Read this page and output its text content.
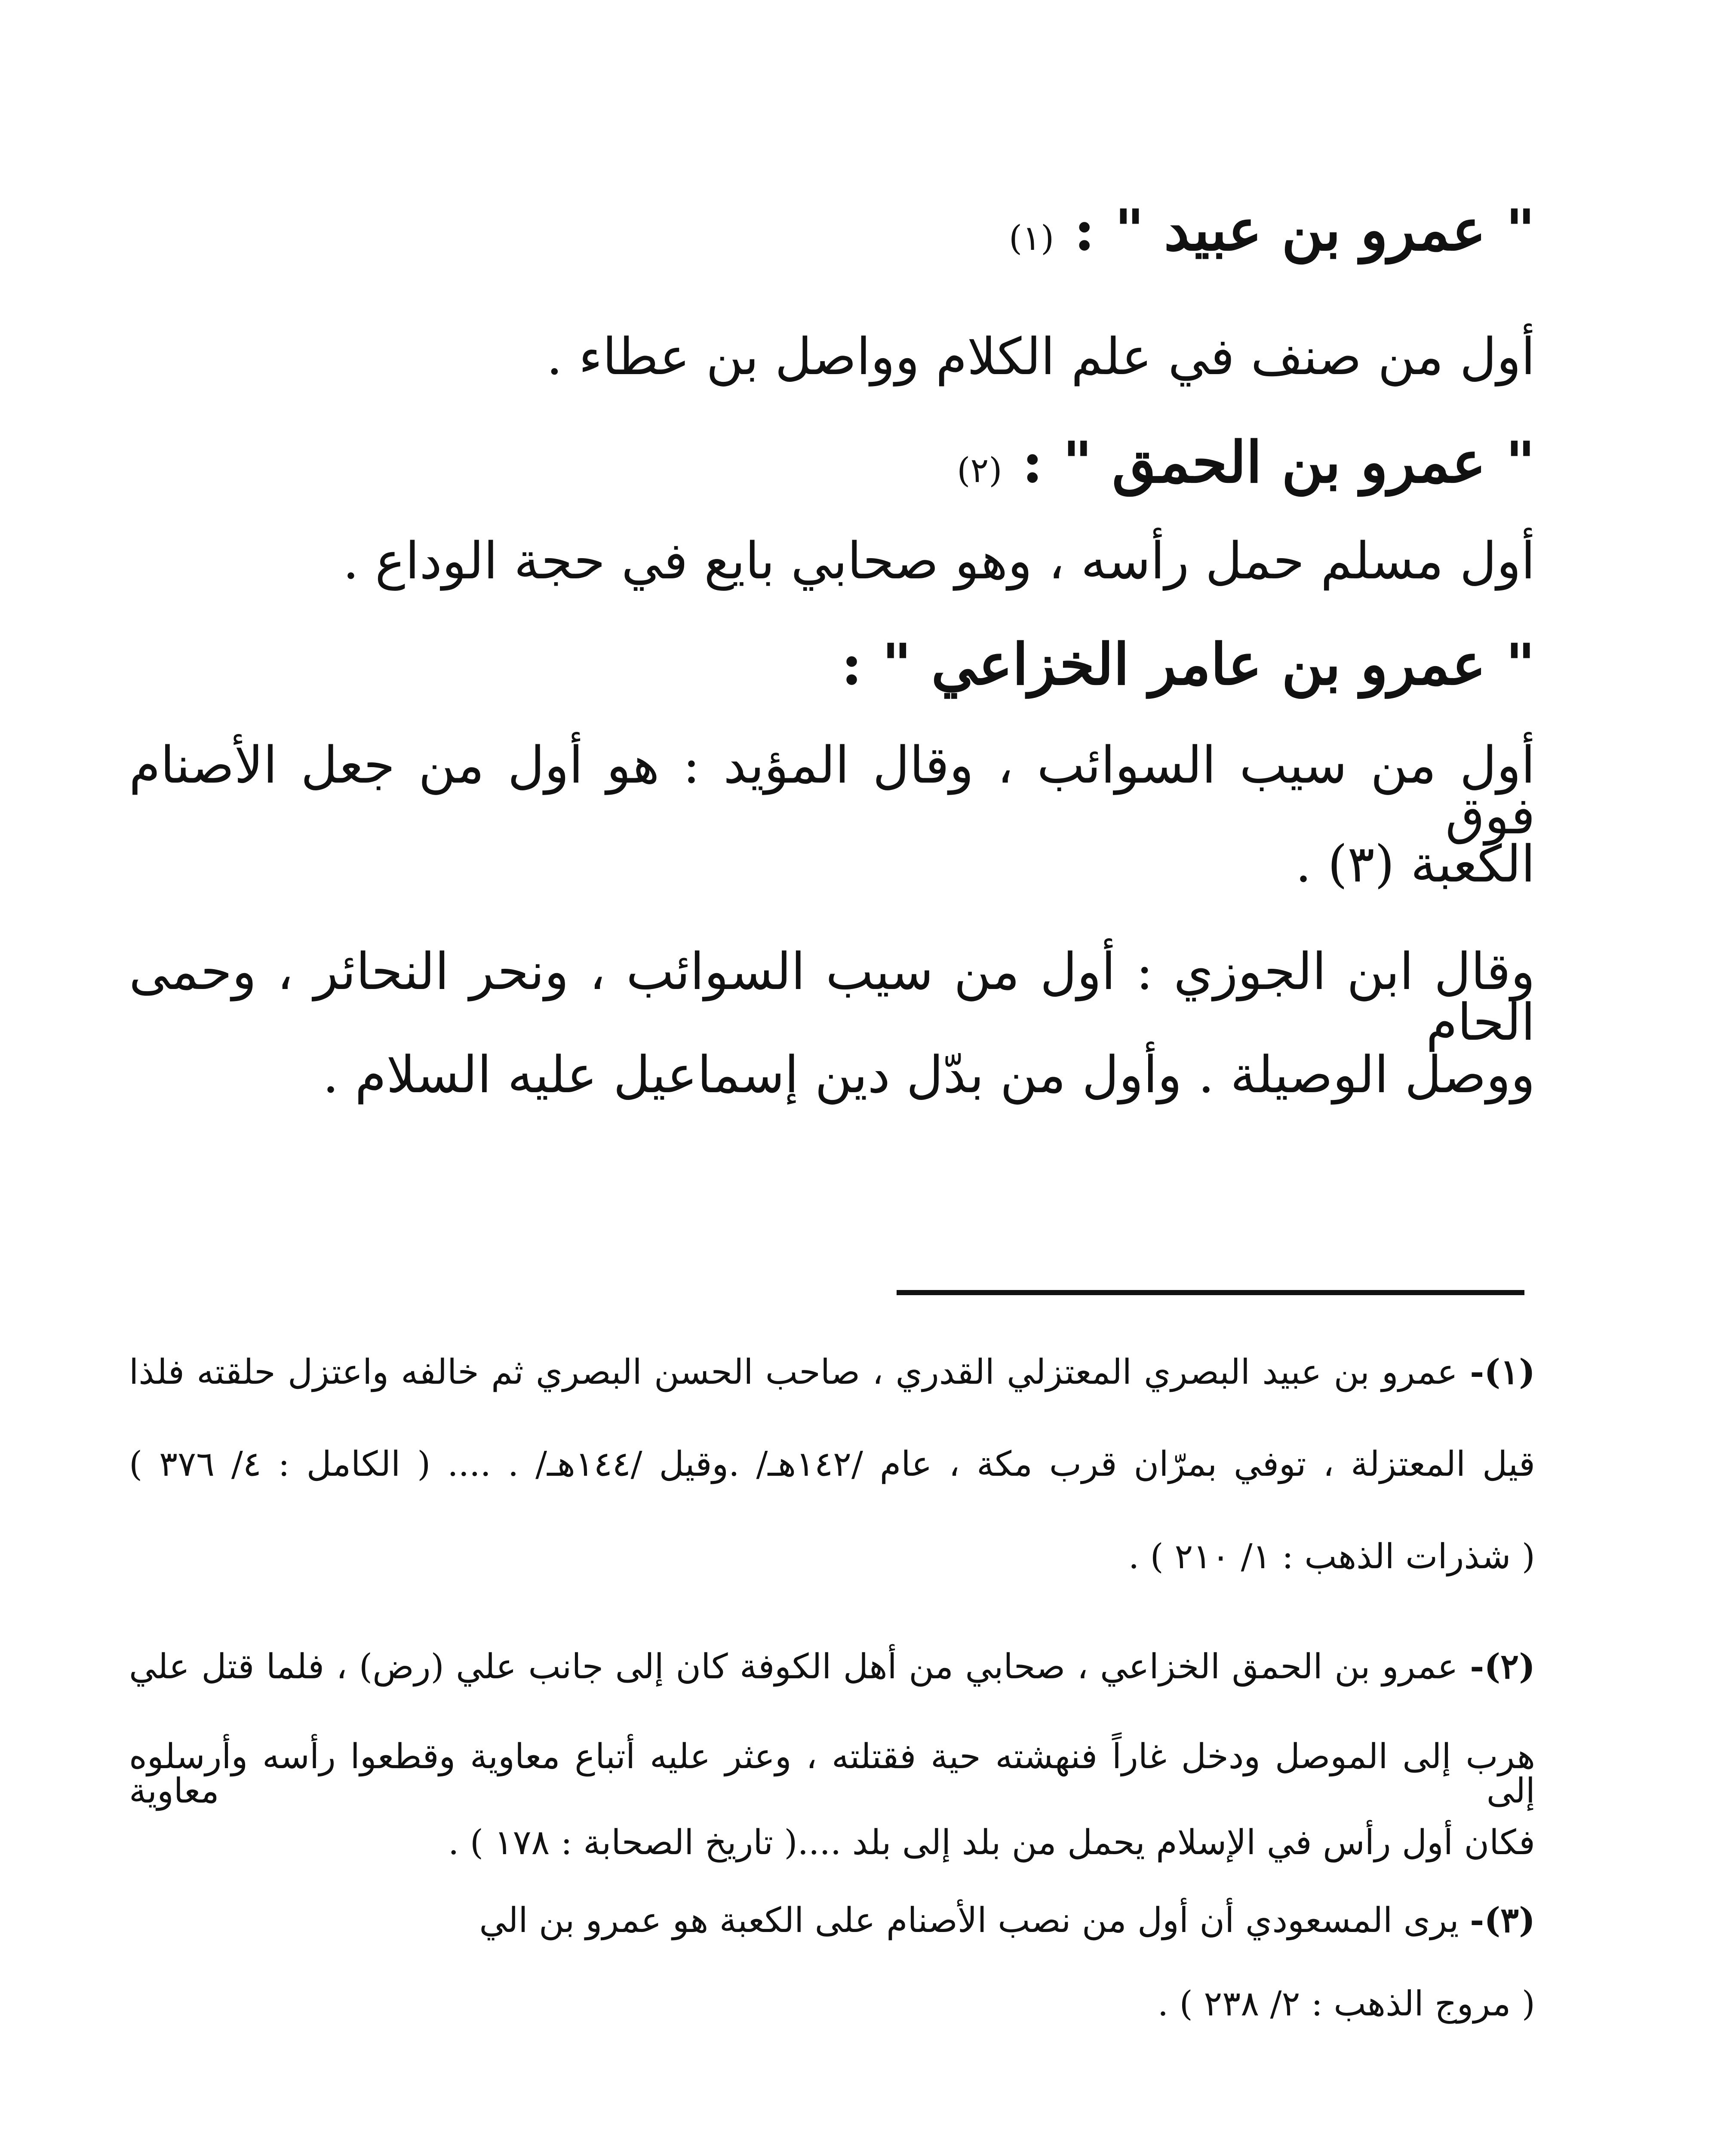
" عمرو بن عبيد " : (١)
أول من صنف في علم الكلام وواصل بن عطاء .
" عمرو بن الحمق " : (٢)
أول مسلم حمل رأسه ، وهو صحابي بايع في حجة الوداع .
" عمرو بن عامر الخزاعي " :
أول من سيب السوائب ، وقال المؤيد : هو أول من جعل الأصنام فوق
الكعبة (٣) .
وقال ابن الجوزي : أول من سيب السوائب ، ونحر النحائر ، وحمى الحام
ووصل الوصيلة . وأول من بدّل دين إسماعيل عليه السلام .
(١)- عمرو بن عبيد البصري المعتزلي القدري ، صاحب الحسن البصري ثم خالفه واعتزل حلقته فلذا
قيل المعتزلة ، توفي بمرّان قرب مكة ، عام /١٤٢هـ/ .وقيل /١٤٤هـ/ . .... ( الكامل : ٤/ ٣٧٦ )
( شذرات الذهب : ١/ ٢١٠ ) .
(٢)- عمرو بن الحمق الخزاعي ، صحابي من أهل الكوفة كان إلى جانب علي (رض) ، فلما قتل علي
هرب إلى الموصل ودخل غاراً فنهشته حية فقتلته ، وعثر عليه أتباع معاوية وقطعوا رأسه وأرسلوه إلى معاوية
فكان أول رأس في الإسلام يحمل من بلد إلى بلد ....( تاريخ الصحابة : ١٧٨ ) .
(٣)- يرى المسعودي أن أول من نصب الأصنام على الكعبة هو عمرو بن الي
( مروج الذهب : ٢/ ٢٣٨ ) .
